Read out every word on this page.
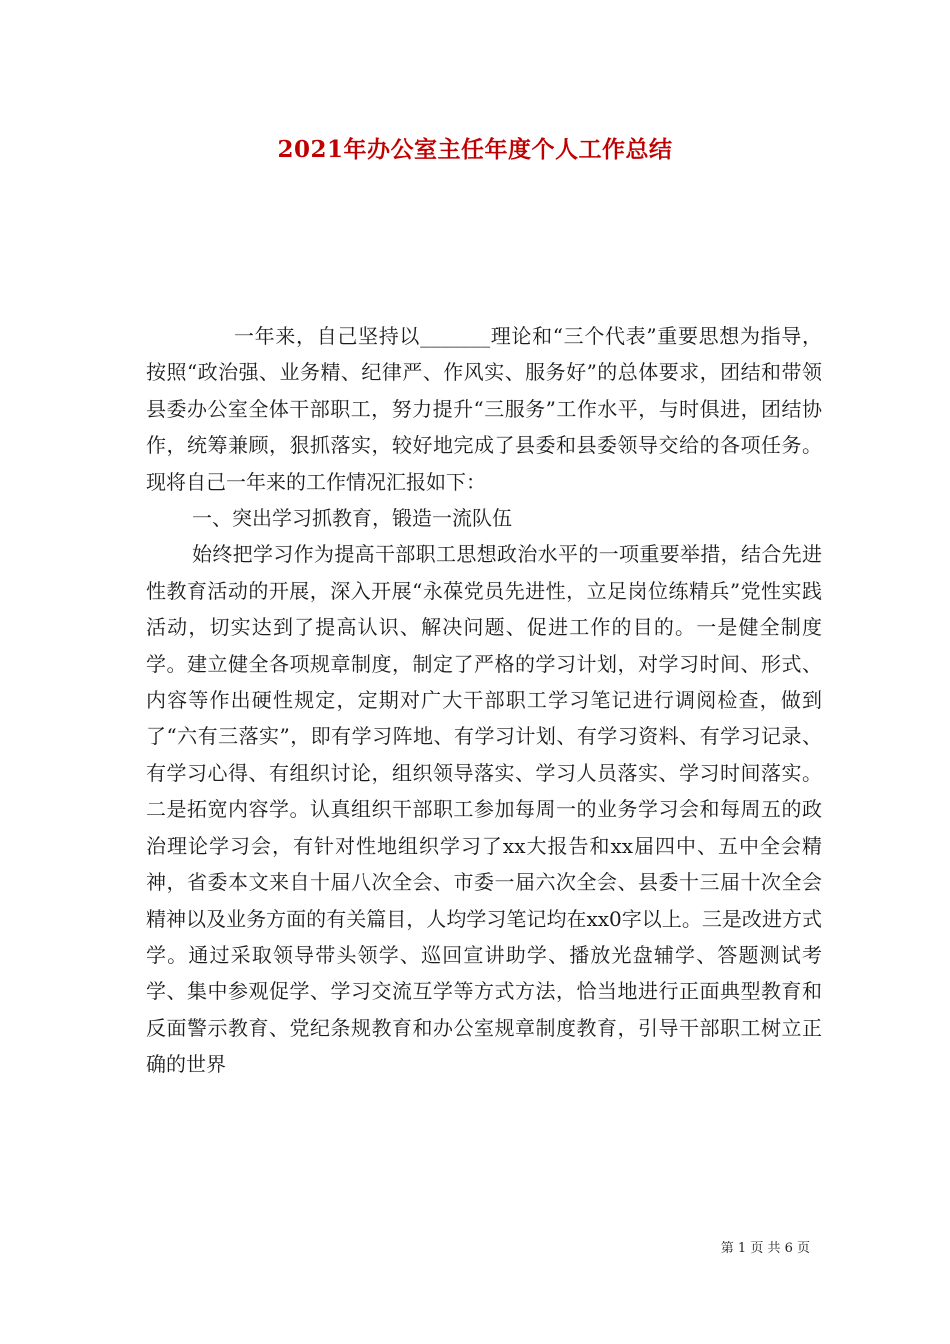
2021年办公室主任年度个人工作总结

一年来，自己坚持以_______理论和“三个代表”重要思想为指导，按照“政治强、业务精、纪律严、作风实、服务好”的总体要求，团结和带领县委办公室全体干部职工，努力提升“三服务”工作水平，与时俱进，团结协作，统筹兼顾，狠抓落实，较好地完成了县委和县委领导交给的各项任务。现将自己一年来的工作情况汇报如下：

一、突出学习抓教育，锻造一流队伍

始终把学习作为提高干部职工思想政治水平的一项重要举措，结合先进性教育活动的开展，深入开展“永葆党员先进性，立足岗位练精兵”党性实践活动，切实达到了提高认识、解决问题、促进工作的目的。一是健全制度学。建立健全各项规章制度，制定了严格的学习计划，对学习时间、形式、内容等作出硬性规定，定期对广大干部职工学习笔记进行调阅检查，做到了“六有三落实”，即有学习阵地、有学习计划、有学习资料、有学习记录、有学习心得、有组织讨论，组织领导落实、学习人员落实、学习时间落实。二是拓宽内容学。认真组织干部职工参加每周一的业务学习会和每周五的政治理论学习会，有针对性地组织学习了xx大报告和xx届四中、五中全会精神，省委本文来自十届八次全会、市委一届六次全会、县委十三届十次全会精神以及业务方面的有关篇目，人均学习笔记均在xx0字以上。三是改进方式学。通过采取领导带头领学、巡回宣讲助学、播放光盘辅学、答题测试考学、集中参观促学、学习交流互学等方式方法，恰当地进行正面典型教育和反面警示教育、党纪条规教育和办公室规章制度教育，引导干部职工树立正确的世界

第 1 页 共 6 页
